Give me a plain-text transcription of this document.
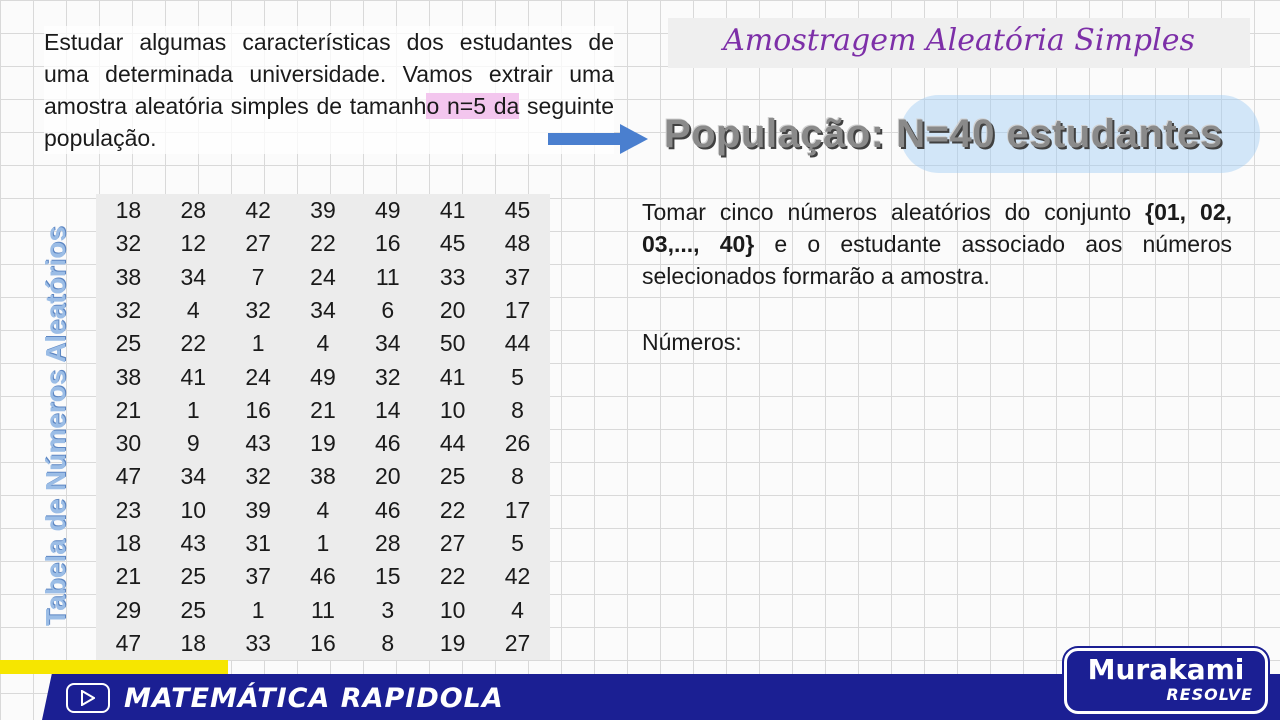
Estudar algumas características dos estudantes de uma determinada universidade. Vamos extrair uma amostra aleatória simples de tamanho n=5 da seguinte população.
Amostragem Aleatória Simples
População: N=40 estudantes
Tomar cinco números aleatórios do conjunto {01, 02, 03,..., 40} e o estudante associado aos números selecionados formarão a amostra.
Números:
Tabela de Números Aleatórios
18	28	42	39	49	41	45
32	12	27	22	16	45	48
38	34	7	24	11	33	37
32	4	32	34	6	20	17
25	22	1	4	34	50	44
38	41	24	49	32	41	5
21	1	16	21	14	10	8
30	9	43	19	46	44	26
47	34	32	38	20	25	8
23	10	39	4	46	22	17
18	43	31	1	28	27	5
21	25	37	46	15	22	42
29	25	1	11	3	10	4
47	18	33	16	8	19	27
MATEMÁTICA RAPIDOLA
Murakami
RESOLVE
